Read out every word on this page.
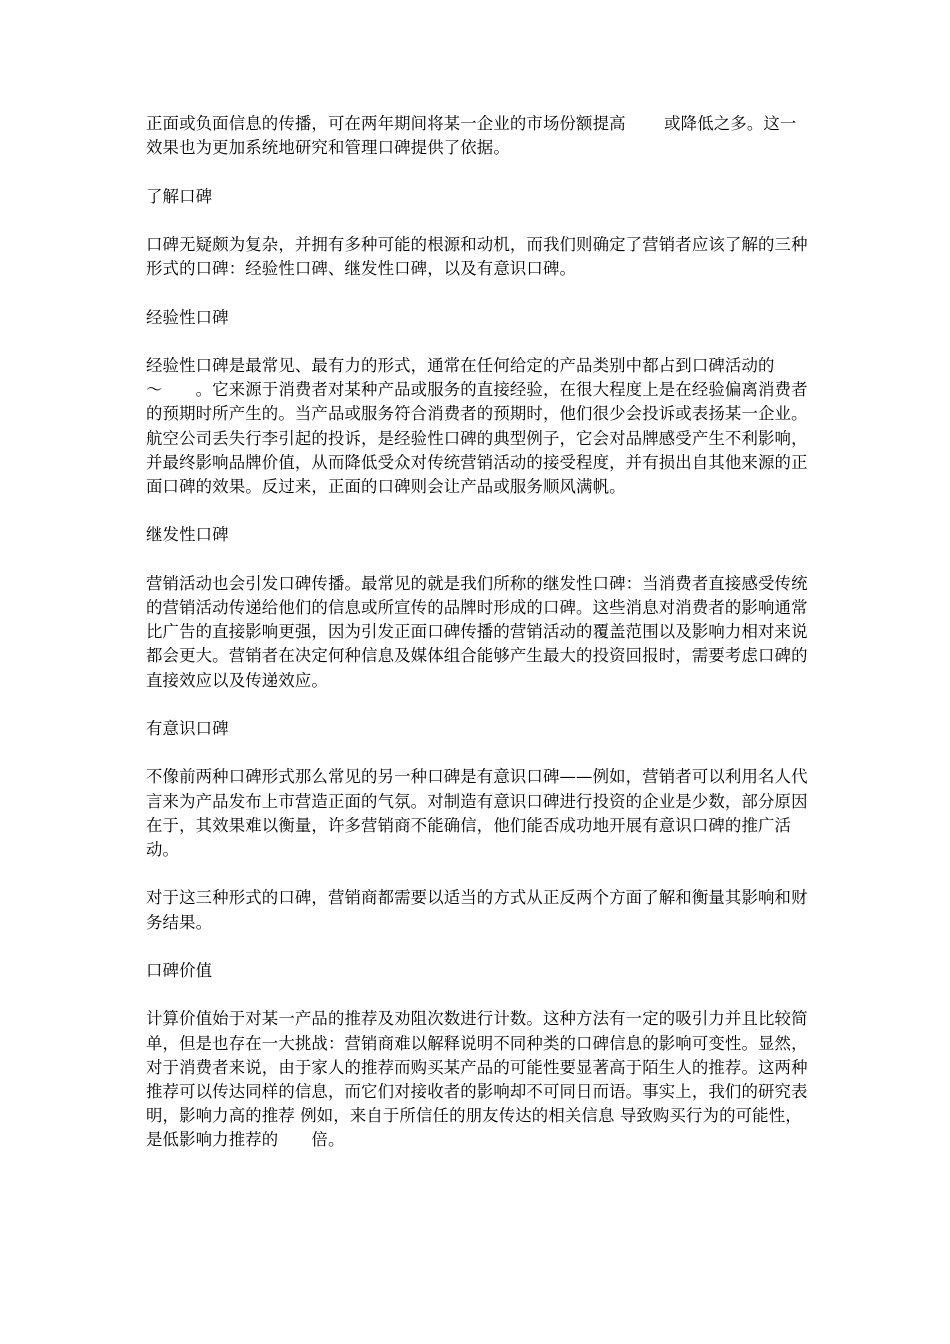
正面或负面信息的传播，可在两年期间将某一企业的市场份额提高　　 或降低之多。这一效果也为更加系统地研究和管理口碑提供了依据。

了解口碑

口碑无疑颇为复杂，并拥有多种可能的根源和动机，而我们则确定了营销者应该了解的三种形式的口碑：经验性口碑、继发性口碑，以及有意识口碑。

经验性口碑

经验性口碑是最常见、最有力的形式，通常在任何给定的产品类别中都占到口碑活动的　　～　　。它来源于消费者对某种产品或服务的直接经验，在很大程度上是在经验偏离消费者的预期时所产生的。当产品或服务符合消费者的预期时，他们很少会投诉或表扬某一企业。 航空公司丢失行李引起的投诉，是经验性口碑的典型例子，它会对品牌感受产生不利影响，并最终影响品牌价值，从而降低受众对传统营销活动的接受程度，并有损出自其他来源的正面口碑的效果。反过来，正面的口碑则会让产品或服务顺风满帆。

继发性口碑

营销活动也会引发口碑传播。最常见的就是我们所称的继发性口碑：当消费者直接感受传统的营销活动传递给他们的信息或所宣传的品牌时形成的口碑。这些消息对消费者的影响通常比广告的直接影响更强，因为引发正面口碑传播的营销活动的覆盖范围以及影响力相对来说都会更大。营销者在决定何种信息及媒体组合能够产生最大的投资回报时，需要考虑口碑的直接效应以及传递效应。

有意识口碑

不像前两种口碑形式那么常见的另一种口碑是有意识口碑——例如，营销者可以利用名人代言来为产品发布上市营造正面的气氛。对制造有意识口碑进行投资的企业是少数，部分原因在于，其效果难以衡量，许多营销商不能确信，他们能否成功地开展有意识口碑的推广活动。

对于这三种形式的口碑，营销商都需要以适当的方式从正反两个方面了解和衡量其影响和财务结果。

口碑价值

计算价值始于对某一产品的推荐及劝阻次数进行计数。这种方法有一定的吸引力并且比较简单，但是也存在一大挑战：营销商难以解释说明不同种类的口碑信息的影响可变性。显然，对于消费者来说，由于家人的推荐而购买某产品的可能性要显著高于陌生人的推荐。这两种推荐可以传达同样的信息，而它们对接收者的影响却不可同日而语。事实上，我们的研究表明，影响力高的推荐 例如，来自于所信任的朋友传达的相关信息 导致购买行为的可能性，是低影响力推荐的　　倍。
